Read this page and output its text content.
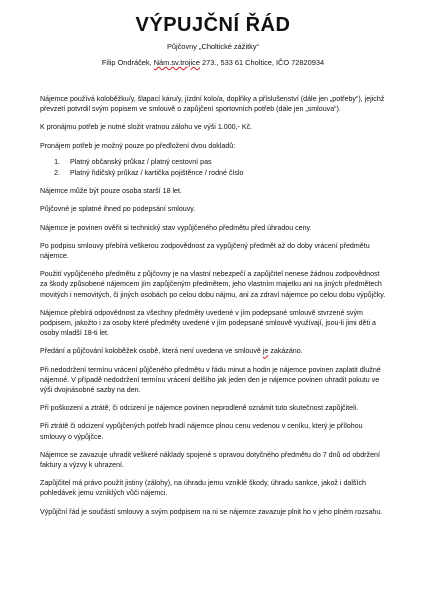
VÝPUJČNÍ ŘÁD

Půjčovny „Choltické zážitky“

Filip Ondráček, Nám.sv.trojice 273., 533 61 Choltice, IČO 72820934

Nájemce používá koloběžku/y, šlapací káru/y, jízdní kolo/a, doplňky a příslušenství (dále jen „potřeby“), jejichž převzetí potvrdil svým popisem ve smlouvě o zapůjčení sportovních potřeb (dále jen „smlouva“).

K pronájmu potřeb je nutné složit vratnou zálohu ve výši 1.000,- Kč.

Pronájem potřeb je možný pouze po předložení dvou dokladů:

1.	Platný občanský průkaz / platný cestovní pas
2.	Platný řidičský průkaz / kartička pojištěnce / rodné číslo

Nájemce může být pouze osoba starší 18 let.

Půjčovné je splatné ihned po podepsání smlouvy.

Nájemce je povinen ověřit si technický stav vypůjčeného předmětu před úhradou ceny.

Po podpisu smlouvy přebírá veškerou zodpovědnost za vypůjčený předmět až do doby vrácení předmětu nájemce.

Použití vypůjčeného předmětu z půjčovny je na vlastní nebezpečí a zapůjčitel nenese žádnou zodpovědnost za škody způsobené nájemcem jím zapůjčeným předmětem, jeho vlastním majetku ani na jiných předmětech movitých i nemovitých, či jiných osobách po celou dobu nájmu, ani za zdraví nájemce po celou dobu výpůjčky.

Nájemce přebírá odpovědnost za všechny předměty uvedené v jím podepsané smlouvě stvrzené svým podpisem, jakožto i za osoby které předměty uvedené v jím podepsané smlouvě využívají, jsou-li jimi děti a osoby mladší 18-ti let.

Předání a půjčování koloběžek osobě, která není uvedena ve smlouvě je zakázáno.

Při nedodržení termínu vrácení půjčeného předmětu v řádu minut a hodin je nájemce povinen zaplatit dlužné nájemné. V případě nedodržení termínu vrácení delšího jak jeden den je nájemce povinen uhradit pokutu ve výši dvojnásobné sazby na den.

Při poškození a ztrátě, či odcizení je nájemce povinen neprodleně oznámit tuto skutečnost zapůjčiteli.

Při ztrátě či odcizení vypůjčených potřeb hradí nájemce plnou cenu vedenou v ceníku, který je přílohou smlouvy o výpůjčce.

Nájemce se zavazuje uhradit veškeré náklady spojené s opravou dotyčného předmětu do 7 dnů od obdržení faktury a výzvy k uhrazení.

Zapůjčitel má právo použít jistiny (zálohy), na úhradu jemu vzniklé škody, úhradu sankce, jakož i dalších pohledávek jemu vzniklých vůči nájemci.

Výpůjční řád je součástí smlouvy a svým podpisem na ni se nájemce zavazuje plnit ho v jeho plném rozsahu.
